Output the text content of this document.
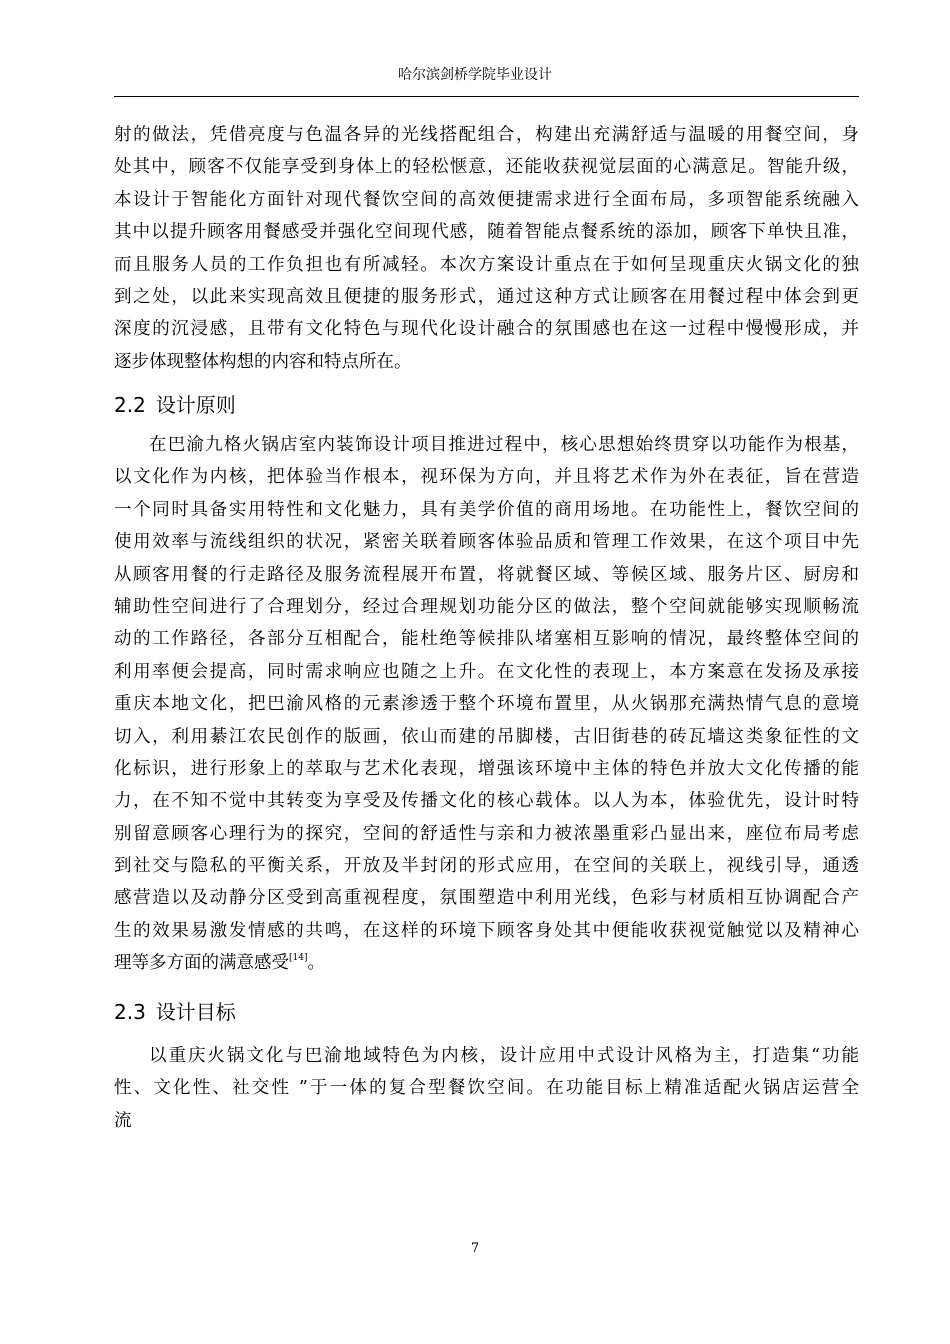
哈尔滨剑桥学院毕业设计
射的做法，凭借亮度与色温各异的光线搭配组合，构建出充满舒适与温暖的用餐空间，身
处其中，顾客不仅能享受到身体上的轻松惬意，还能收获视觉层面的心满意足。智能升级，
本设计于智能化方面针对现代餐饮空间的高效便捷需求进行全面布局，多项智能系统融入
其中以提升顾客用餐感受并强化空间现代感，随着智能点餐系统的添加，顾客下单快且准，
而且服务人员的工作负担也有所减轻。本次方案设计重点在于如何呈现重庆火锅文化的独
到之处，以此来实现高效且便捷的服务形式，通过这种方式让顾客在用餐过程中体会到更
深度的沉浸感，且带有文化特色与现代化设计融合的氛围感也在这一过程中慢慢形成，并
逐步体现整体构想的内容和特点所在。
2.2 设计原则
在巴渝九格火锅店室内装饰设计项目推进过程中，核心思想始终贯穿以功能作为根基，
以文化作为内核，把体验当作根本，视环保为方向，并且将艺术作为外在表征，旨在营造
一个同时具备实用特性和文化魅力，具有美学价值的商用场地。在功能性上，餐饮空间的
使用效率与流线组织的状况，紧密关联着顾客体验品质和管理工作效果，在这个项目中先
从顾客用餐的行走路径及服务流程展开布置，将就餐区域、等候区域、服务片区、厨房和
辅助性空间进行了合理划分，经过合理规划功能分区的做法，整个空间就能够实现顺畅流
动的工作路径，各部分互相配合，能杜绝等候排队堵塞相互影响的情况，最终整体空间的
利用率便会提高，同时需求响应也随之上升。在文化性的表现上，本方案意在发扬及承接
重庆本地文化，把巴渝风格的元素渗透于整个环境布置里，从火锅那充满热情气息的意境
切入，利用綦江农民创作的版画，依山而建的吊脚楼，古旧街巷的砖瓦墙这类象征性的文
化标识，进行形象上的萃取与艺术化表现，增强该环境中主体的特色并放大文化传播的能
力，在不知不觉中其转变为享受及传播文化的核心载体。以人为本，体验优先，设计时特
别留意顾客心理行为的探究，空间的舒适性与亲和力被浓墨重彩凸显出来，座位布局考虑
到社交与隐私的平衡关系，开放及半封闭的形式应用，在空间的关联上，视线引导，通透
感营造以及动静分区受到高重视程度，氛围塑造中利用光线，色彩与材质相互协调配合产
生的效果易激发情感的共鸣，在这样的环境下顾客身处其中便能收获视觉触觉以及精神心
理等多方面的满意感受[14]。
2.3 设计目标
以重庆火锅文化与巴渝地域特色为内核，设计应用中式设计风格为主，打造集“功能
性、文化性、社交性 ”于一体的复合型餐饮空间。在功能目标上精准适配火锅店运营全
流
7
